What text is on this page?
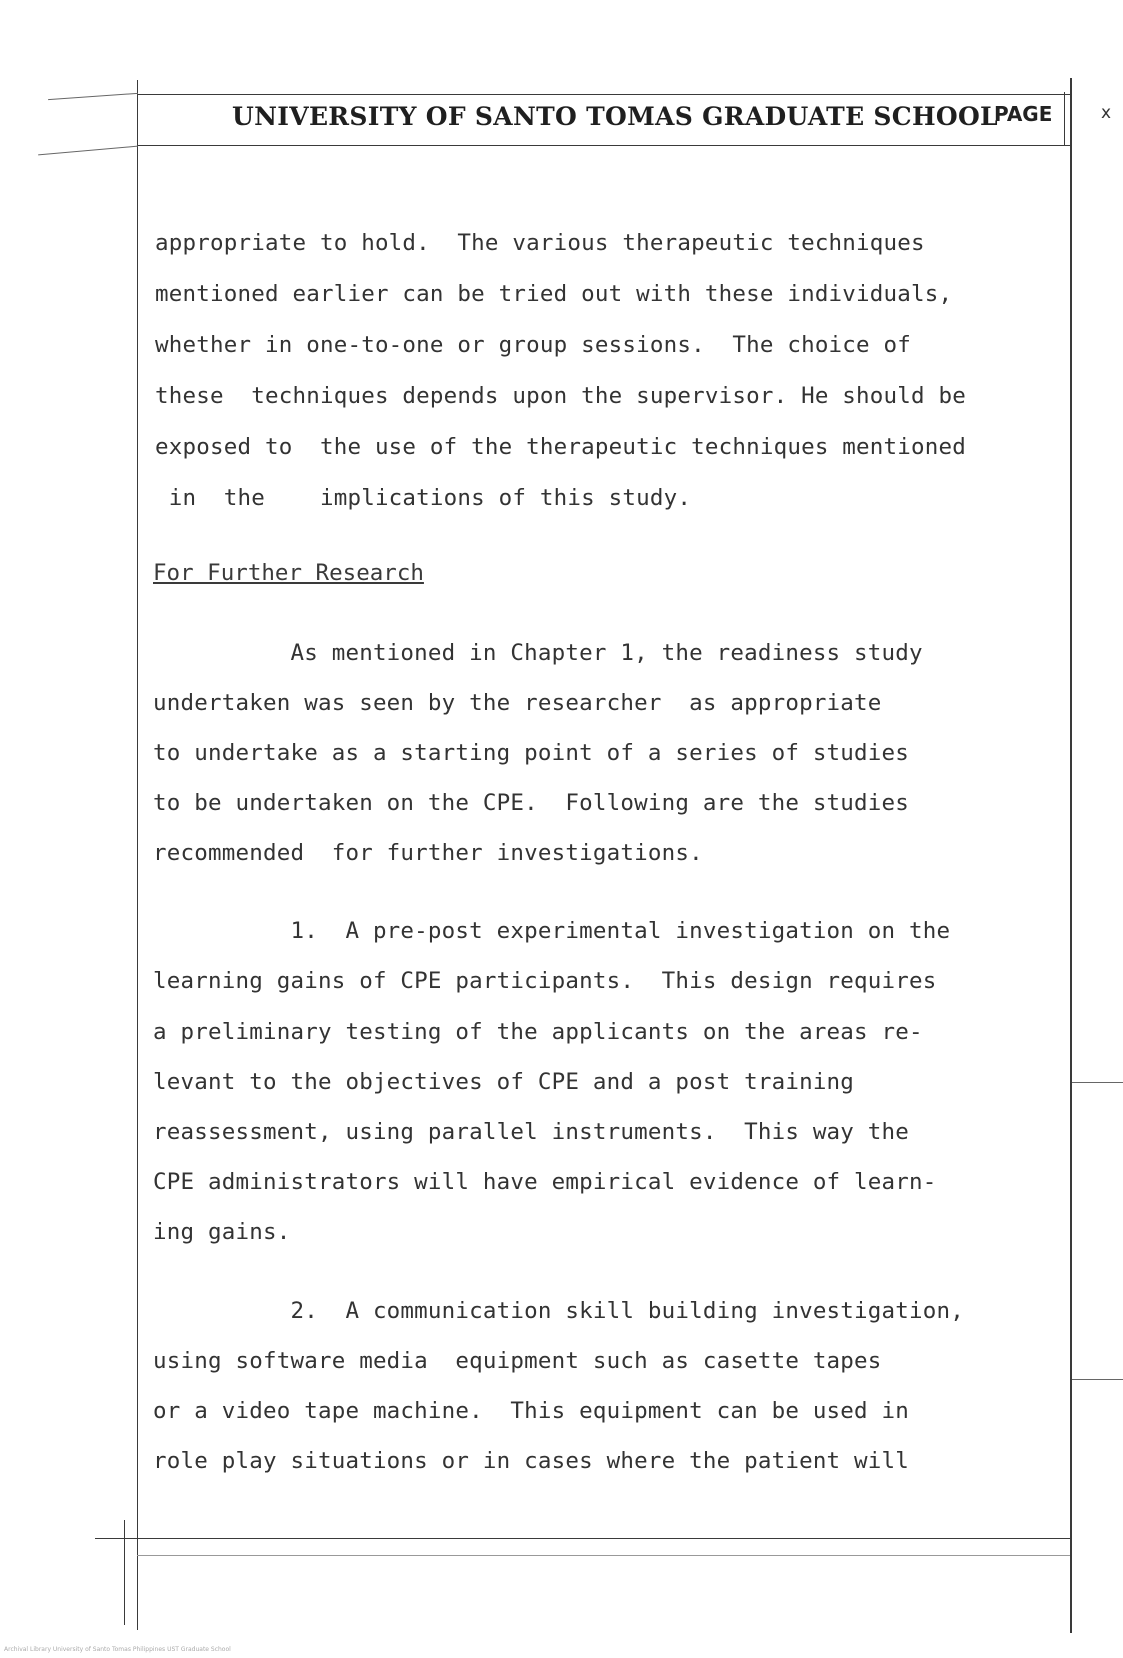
UNIVERSITY OF SANTO TOMAS GRADUATE SCHOOL
PAGE	x
appropriate to hold.  The various therapeutic techniques
mentioned earlier can be tried out with these individuals,
whether in one-to-one or group sessions.  The choice of
these  techniques depends upon the supervisor. He should be
exposed to  the use of the therapeutic techniques mentioned
in  the    implications of this study.
For Further Research
As mentioned in Chapter 1, the readiness study
undertaken was seen by the researcher  as appropriate
to undertake as a starting point of a series of studies
to be undertaken on the CPE.  Following are the studies
recommended  for further investigations.
1.  A pre-post experimental investigation on the
learning gains of CPE participants.  This design requires
a preliminary testing of the applicants on the areas re-
levant to the objectives of CPE and a post training
reassessment, using parallel instruments.  This way the
CPE administrators will have empirical evidence of learn-
ing gains.
2.  A communication skill building investigation,
using software media  equipment such as casette tapes
or a video tape machine.  This equipment can be used in
role play situations or in cases where the patient will
Archival Library University of Santo Tomas Philippines UST Graduate School
